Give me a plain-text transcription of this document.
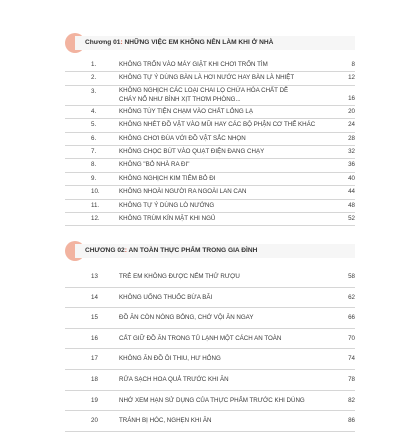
Chương 01: NHỮNG VIỆC EM KHÔNG NÊN LÀM KHI Ở NHÀ
1.	KHÔNG TRỐN VÀO MÁY GIẶT KHI CHƠI TRỐN TÌM	8
2.	KHÔNG TỰ Ý DÙNG BÀN LÀ HƠI NƯỚC HAY BÀN LÀ NHIỆT	12
3.	KHÔNG NGHỊCH CÁC LOẠI CHAI LỌ CHỨA HÓA CHẤT DỄ
CHÁY NỔ NHƯ BÌNH XỊT THƠM PHÒNG...	16
4.	KHÔNG TÙY TIỆN CHẠM VÀO CHẤT LỎNG LẠ	20
5.	KHÔNG NHÉT ĐỒ VẬT VÀO MŨI HAY CÁC BỘ PHẬN CƠ THỂ KHÁC	24
6.	KHÔNG CHƠI ĐÙA VỚI ĐỒ VẬT SẮC NHỌN	28
7.	KHÔNG CHỌC BÚT VÀO QUẠT ĐIỆN ĐANG CHẠY	32
8.	KHÔNG "BỎ NHÀ RA ĐI"	36
9.	KHÔNG NGHỊCH KIM TIÊM BỎ ĐI	40
10.	KHÔNG NHOÀI NGƯỜI RA NGOÀI LAN CAN	44
11.	KHÔNG TỰ Ý DÙNG LÒ NƯỚNG	48
12.	KHÔNG TRÙM KÍN MẶT KHI NGỦ	52
CHƯƠNG 02: AN TOÀN THỰC PHẨM TRONG GIA ĐÌNH
13	TRẺ EM KHÔNG ĐƯỢC NẾM THỬ RƯỢU	58
14	KHÔNG UỐNG THUỐC BỪA BÃI	62
15	ĐỒ ĂN CÒN NÓNG BỎNG, CHỚ VỘI ĂN NGAY	66
16	CẤT GIỮ ĐỒ ĂN TRONG TỦ LẠNH MỘT CÁCH AN TOÀN	70
17	KHÔNG ĂN ĐỒ ÔI THIU, HƯ HỎNG	74
18	RỬA SẠCH HOA QUẢ TRƯỚC KHI ĂN	78
19	NHỚ XEM HẠN SỬ DỤNG CỦA THỰC PHẨM TRƯỚC KHI DÙNG	82
20	TRÁNH BỊ HÓC, NGHẸN KHI ĂN	86
